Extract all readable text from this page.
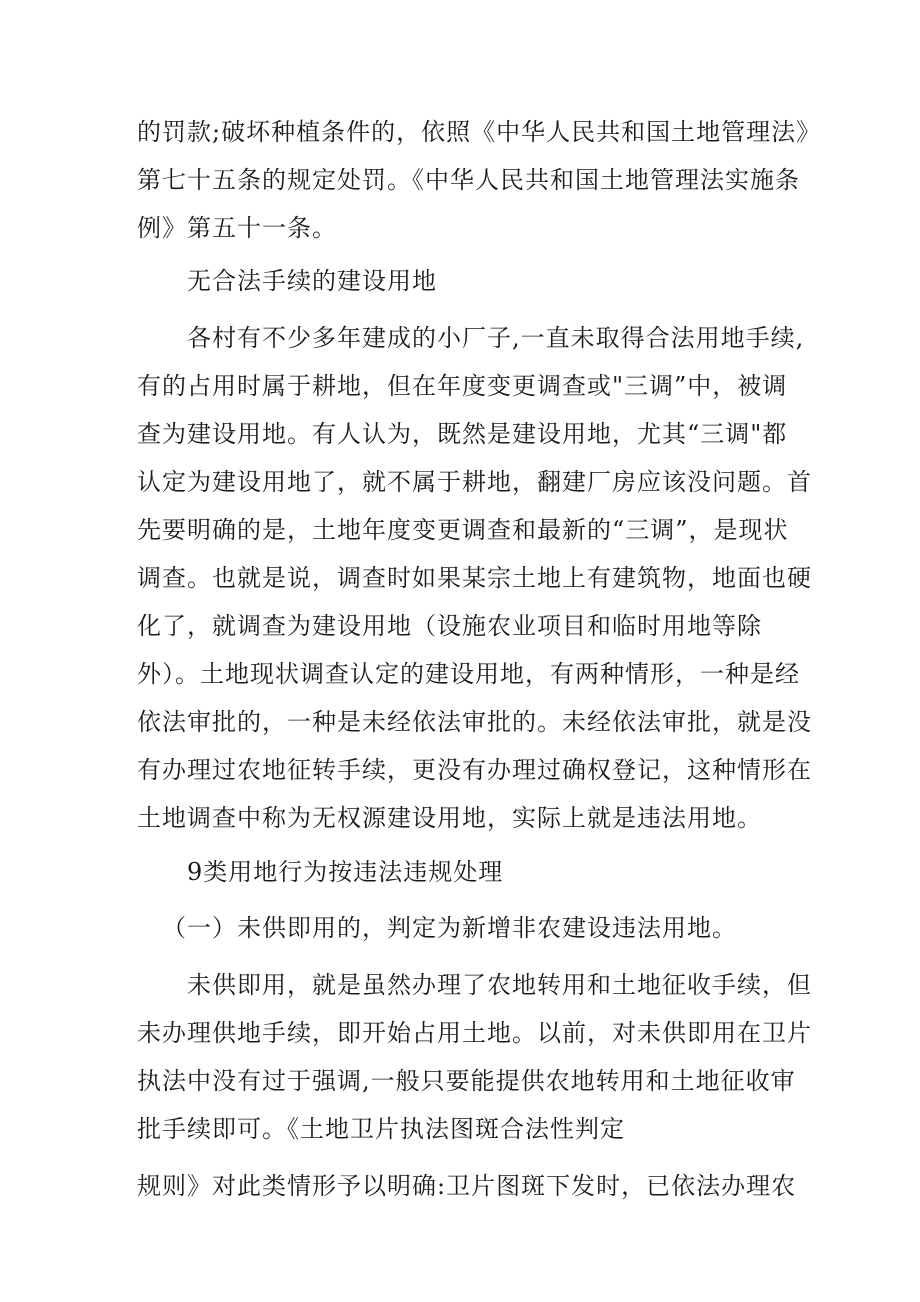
的罚款;破坏种植条件的，依照《中华人民共和国土地管理法》
第七十五条的规定处罚。《中华人民共和国土地管理法实施条
例》第五十一条。
无合法手续的建设用地
各村有不少多年建成的小厂子,一直未取得合法用地手续,
有的占用时属于耕地，但在年度变更调查或"三调”中，被调
查为建设用地。有人认为，既然是建设用地，尤其“三调"都
认定为建设用地了，就不属于耕地，翻建厂房应该没问题。首
先要明确的是，土地年度变更调查和最新的“三调”，是现状
调查。也就是说，调查时如果某宗土地上有建筑物，地面也硬
化了，就调查为建设用地（设施农业项目和临时用地等除
外）。土地现状调查认定的建设用地，有两种情形，一种是经
依法审批的，一种是未经依法审批的。未经依法审批，就是没
有办理过农地征转手续，更没有办理过确权登记，这种情形在
土地调查中称为无权源建设用地，实际上就是违法用地。
9类用地行为按违法违规处理
（一）未供即用的，判定为新增非农建设违法用地。
未供即用，就是虽然办理了农地转用和土地征收手续，但
未办理供地手续，即开始占用土地。以前，对未供即用在卫片
执法中没有过于强调,一般只要能提供农地转用和土地征收审
批手续即可。《土地卫片执法图斑合法性判定
规则》对此类情形予以明确:卫片图斑下发时，已依法办理农
